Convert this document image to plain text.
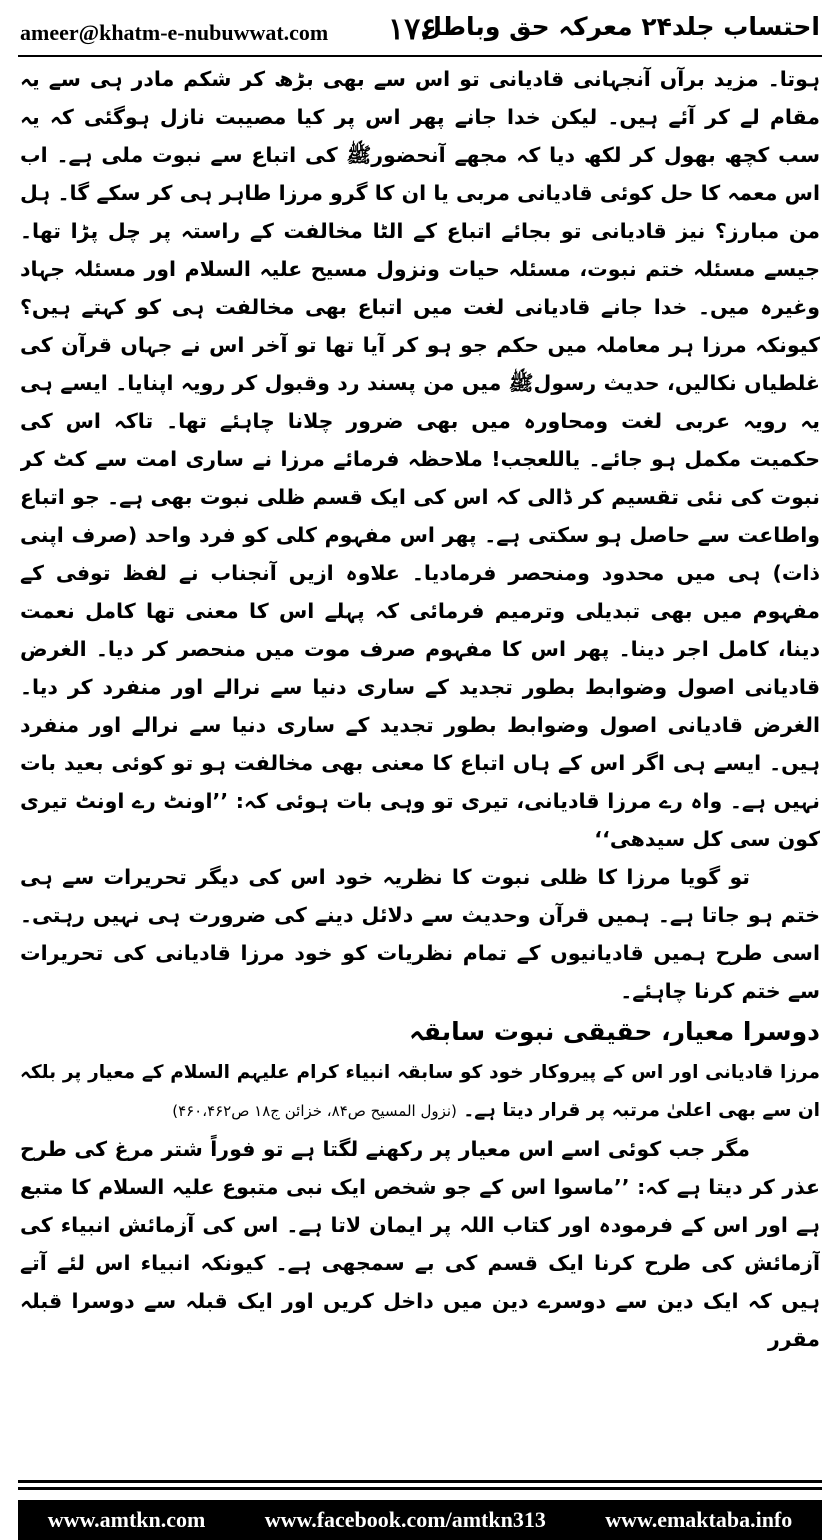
ameer@khatm-e-nubuwwat.com ۱۷۶
احتساب جلد۲۴ معرکہ حق وباطل

ہوتا۔ مزید برآں آنجہانی قادیانی تو اس سے بھی بڑھ کر شکم مادر ہی سے یہ مقام لے کر آئے ہیں۔ لیکن خدا جانے پھر اس پر کیا مصیبت نازل ہوگئی کہ یہ سب کچھ بھول کر لکھ دیا کہ مجھے آنحضورﷺ کی اتباع سے نبوت ملی ہے۔ اب اس معمہ کا حل کوئی قادیانی مربی یا ان کا گرو مرزا طاہر ہی کر سکے گا۔ ہل من مبارز؟ نیز قادیانی تو بجائے اتباع کے الٹا مخالفت کے راستہ پر چل پڑا تھا۔ جیسے مسئلہ ختم نبوت، مسئلہ حیات ونزول مسیح علیہ السلام اور مسئلہ جہاد وغیرہ میں۔ خدا جانے قادیانی لغت میں اتباع بھی مخالفت ہی کو کہتے ہیں؟ کیونکہ مرزا ہر معاملہ میں حکم جو ہو کر آیا تھا تو آخر اس نے جہاں قرآن کی غلطیاں نکالیں، حدیث رسولﷺ میں من پسند رد وقبول کر رویہ اپنایا۔ ایسے ہی یہ رویہ عربی لغت ومحاورہ میں بھی ضرور چلانا چاہئے تھا۔ تاکہ اس کی حکمیت مکمل ہو جائے۔ یاللعجب! ملاحظہ فرمائے مرزا نے ساری امت سے کٹ کر نبوت کی نئی تقسیم کر ڈالی کہ اس کی ایک قسم ظلی نبوت بھی ہے۔ جو اتباع واطاعت سے حاصل ہو سکتی ہے۔ پھر اس مفہوم کلی کو فرد واحد (صرف اپنی ذات) ہی میں محدود ومنحصر فرمادیا۔ علاوہ ازیں آنجناب نے لفظ توفی کے مفہوم میں بھی تبدیلی وترمیم فرمائی کہ پہلے اس کا معنی تھا کامل نعمت دینا، کامل اجر دینا۔ پھر اس کا مفہوم صرف موت میں منحصر کر دیا۔ الغرض قادیانی اصول وضوابط بطور تجدید کے ساری دنیا سے نرالے اور منفرد کر دیا۔ الغرض قادیانی اصول وضوابط بطور تجدید کے ساری دنیا سے نرالے اور منفرد ہیں۔ ایسے ہی اگر اس کے ہاں اتباع کا معنی بھی مخالفت ہو تو کوئی بعید بات نہیں ہے۔ واہ رے مرزا قادیانی، تیری تو وہی بات ہوئی کہ: ’’اونٹ رے اونٹ تیری کون سی کل سیدھی‘‘

تو گویا مرزا کا ظلی نبوت کا نظریہ خود اس کی دیگر تحریرات سے ہی ختم ہو جاتا ہے۔ ہمیں قرآن وحدیث سے دلائل دینے کی ضرورت ہی نہیں رہتی۔ اسی طرح ہمیں قادیانیوں کے تمام نظریات کو خود مرزا قادیانی کی تحریرات سے ختم کرنا چاہئے۔

دوسرا معیار، حقیقی نبوت سابقہ

مرزا قادیانی اور اس کے پیروکار خود کو سابقہ انبیاء کرام علیہم السلام کے معیار پر بلکہ ان سے بھی اعلیٰ مرتبہ پر قرار دیتا ہے۔ (نزول المسیح ص۸۴، خزائن ج۱۸ ص۴۶۰،۴۶۲)

مگر جب کوئی اسے اس معیار پر رکھنے لگتا ہے تو فوراً شتر مرغ کی طرح عذر کر دیتا ہے کہ: ’’ماسوا اس کے جو شخص ایک نبی متبوع علیہ السلام کا متبع ہے اور اس کے فرمودہ اور کتاب اللہ پر ایمان لاتا ہے۔ اس کی آزمائش انبیاء کی آزمائش کی طرح کرنا ایک قسم کی بے سمجھی ہے۔ کیونکہ انبیاء اس لئے آتے ہیں کہ ایک دین سے دوسرے دین میں داخل کریں اور ایک قبلہ سے دوسرا قبلہ مقرر

www.amtkn.com	www.facebook.com/amtkn313	www.emaktaba.info
